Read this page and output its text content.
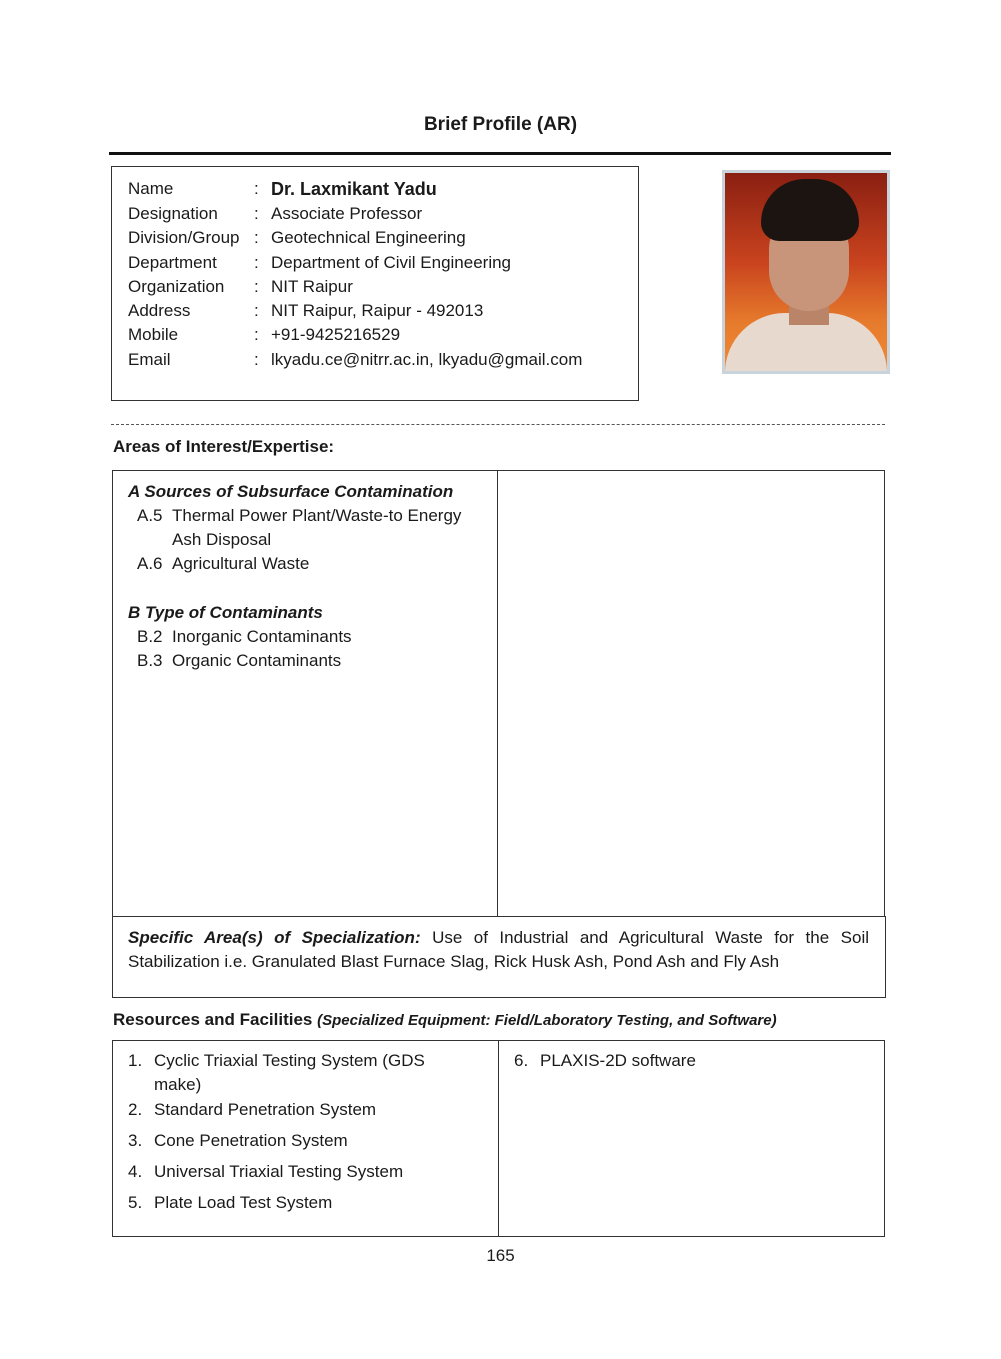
Brief Profile (AR)
Name	: Dr. Laxmikant Yadu
Designation	: Associate Professor
Division/Group : Geotechnical Engineering
Department	: Department of Civil Engineering
Organization	: NIT Raipur
Address	: NIT Raipur, Raipur - 492013
Mobile	: +91-9425216529
Email	: lkyadu.ce@nitrr.ac.in, lkyadu@gmail.com
Areas of Interest/Expertise:
A Sources of Subsurface Contamination
A.5 Thermal Power Plant/Waste-to Energy Ash Disposal
A.6 Agricultural Waste
B Type of Contaminants
B.2 Inorganic Contaminants
B.3 Organic Contaminants
Specific Area(s) of Specialization: Use of Industrial and Agricultural Waste for the Soil Stabilization i.e. Granulated Blast Furnace Slag, Rick Husk Ash, Pond Ash and Fly Ash
Resources and Facilities (Specialized Equipment: Field/Laboratory Testing, and Software)
1. Cyclic Triaxial Testing System (GDS make)
2. Standard Penetration System
3. Cone Penetration System
4. Universal Triaxial Testing System
5. Plate Load Test System
6. PLAXIS-2D software
165
